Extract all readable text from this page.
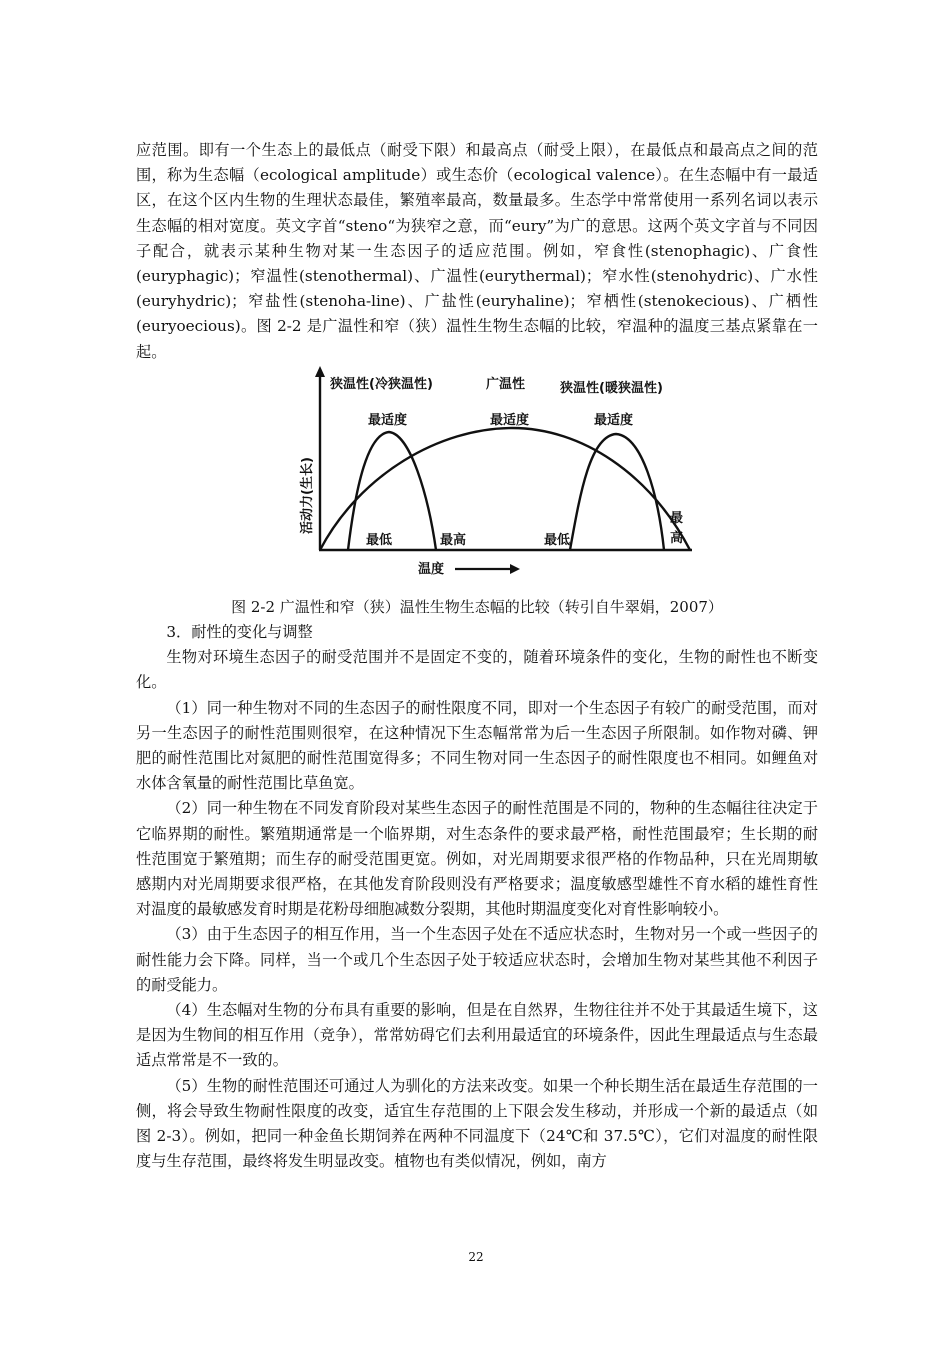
应范围。即有一个生态上的最低点（耐受下限）和最高点（耐受上限），在最低点和最高点之间的范围，称为生态幅（ecological amplitude）或生态价（ecological valence）。在生态幅中有一最适区，在这个区内生物的生理状态最佳，繁殖率最高，数量最多。生态学中常常使用一系列名词以表示生态幅的相对宽度。英文字首“steno“为狭窄之意，而“eury”为广的意思。这两个英文字首与不同因子配合，就表示某种生物对某一生态因子的适应范围。例如，窄食性(stenophagic)、广食性(euryphagic)；窄温性(stenothermal)、广温性(eurythermal)；窄水性(stenohydric)、广水性(euryhydric)；窄盐性(stenoha-line)、广盐性(euryhaline)；窄栖性(stenokecious)、广栖性(euryoecious)。图 2-2 是广温性和窄（狭）温性生物生态幅的比较，窄温种的温度三基点紧靠在一起。

狭温性(冷狭温性)	广温性	狭温性(暖狭温性)
最适度	最适度	最适度
最低	最高	最低
最
高
活动力(生长)
温度
图 2-2 广温性和窄（狭）温性生物生态幅的比较（转引自牛翠娟，2007）

3．耐性的变化与调整

生物对环境生态因子的耐受范围并不是固定不变的，随着环境条件的变化，生物的耐性也不断变化。

（1）同一种生物对不同的生态因子的耐性限度不同，即对一个生态因子有较广的耐受范围，而对另一生态因子的耐性范围则很窄，在这种情况下生态幅常常为后一生态因子所限制。如作物对磷、钾肥的耐性范围比对氮肥的耐性范围宽得多；不同生物对同一生态因子的耐性限度也不相同。如鲤鱼对水体含氧量的耐性范围比草鱼宽。

（2）同一种生物在不同发育阶段对某些生态因子的耐性范围是不同的，物种的生态幅往往决定于它临界期的耐性。繁殖期通常是一个临界期，对生态条件的要求最严格，耐性范围最窄；生长期的耐性范围宽于繁殖期；而生存的耐受范围更宽。例如，对光周期要求很严格的作物品种，只在光周期敏感期内对光周期要求很严格，在其他发育阶段则没有严格要求；温度敏感型雄性不育水稻的雄性育性对温度的最敏感发育时期是花粉母细胞减数分裂期，其他时期温度变化对育性影响较小。

（3）由于生态因子的相互作用，当一个生态因子处在不适应状态时，生物对另一个或一些因子的耐性能力会下降。同样，当一个或几个生态因子处于较适应状态时，会增加生物对某些其他不利因子的耐受能力。

（4）生态幅对生物的分布具有重要的影响，但是在自然界，生物往往并不处于其最适生境下，这是因为生物间的相互作用（竞争），常常妨碍它们去利用最适宜的环境条件，因此生理最适点与生态最适点常常是不一致的。

（5）生物的耐性范围还可通过人为驯化的方法来改变。如果一个种长期生活在最适生存范围的一侧，将会导致生物耐性限度的改变，适宜生存范围的上下限会发生移动，并形成一个新的最适点（如图 2-3）。例如，把同一种金鱼长期饲养在两种不同温度下（24℃和 37.5℃），它们对温度的耐性限度与生存范围，最终将发生明显改变。植物也有类似情况，例如，南方

22
